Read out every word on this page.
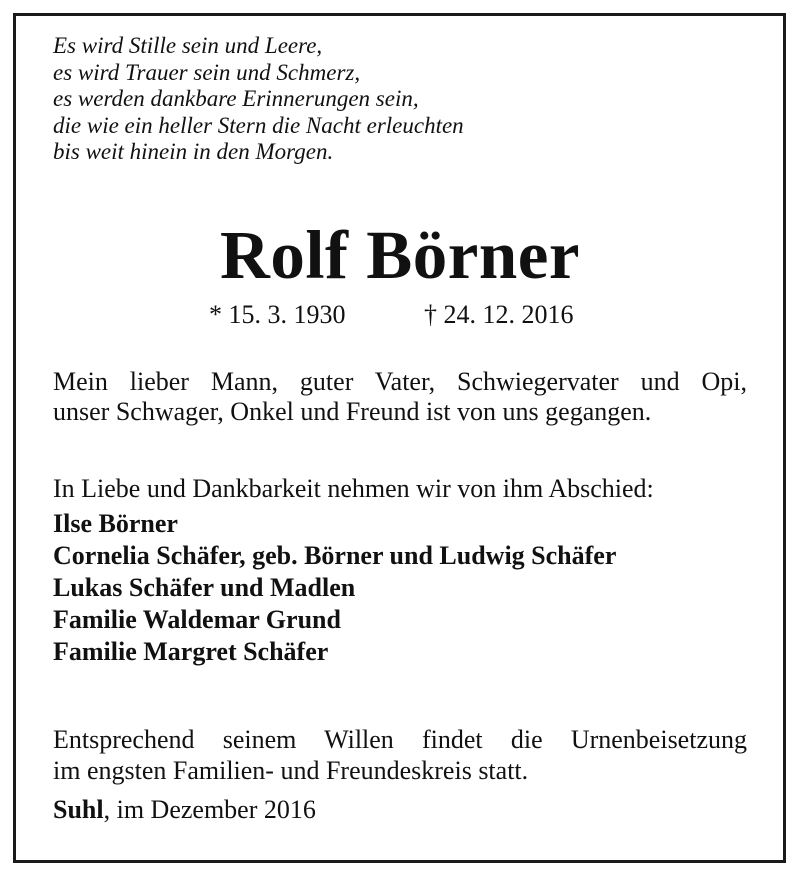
Es wird Stille sein und Leere,
es wird Trauer sein und Schmerz,
es werden dankbare Erinnerungen sein,
die wie ein heller Stern die Nacht erleuchten
bis weit hinein in den Morgen.
Rolf Börner
* 15. 3. 1930	† 24. 12. 2016
Mein lieber Mann, guter Vater, Schwiegervater und Opi,
unser Schwager, Onkel und Freund ist von uns gegangen.
In Liebe und Dankbarkeit nehmen wir von ihm Abschied:
Ilse Börner
Cornelia Schäfer, geb. Börner und Ludwig Schäfer
Lukas Schäfer und Madlen
Familie Waldemar Grund
Familie Margret Schäfer
Entsprechend seinem Willen findet die Urnenbeisetzung
im engsten Familien- und Freundeskreis statt.
Suhl, im Dezember 2016
